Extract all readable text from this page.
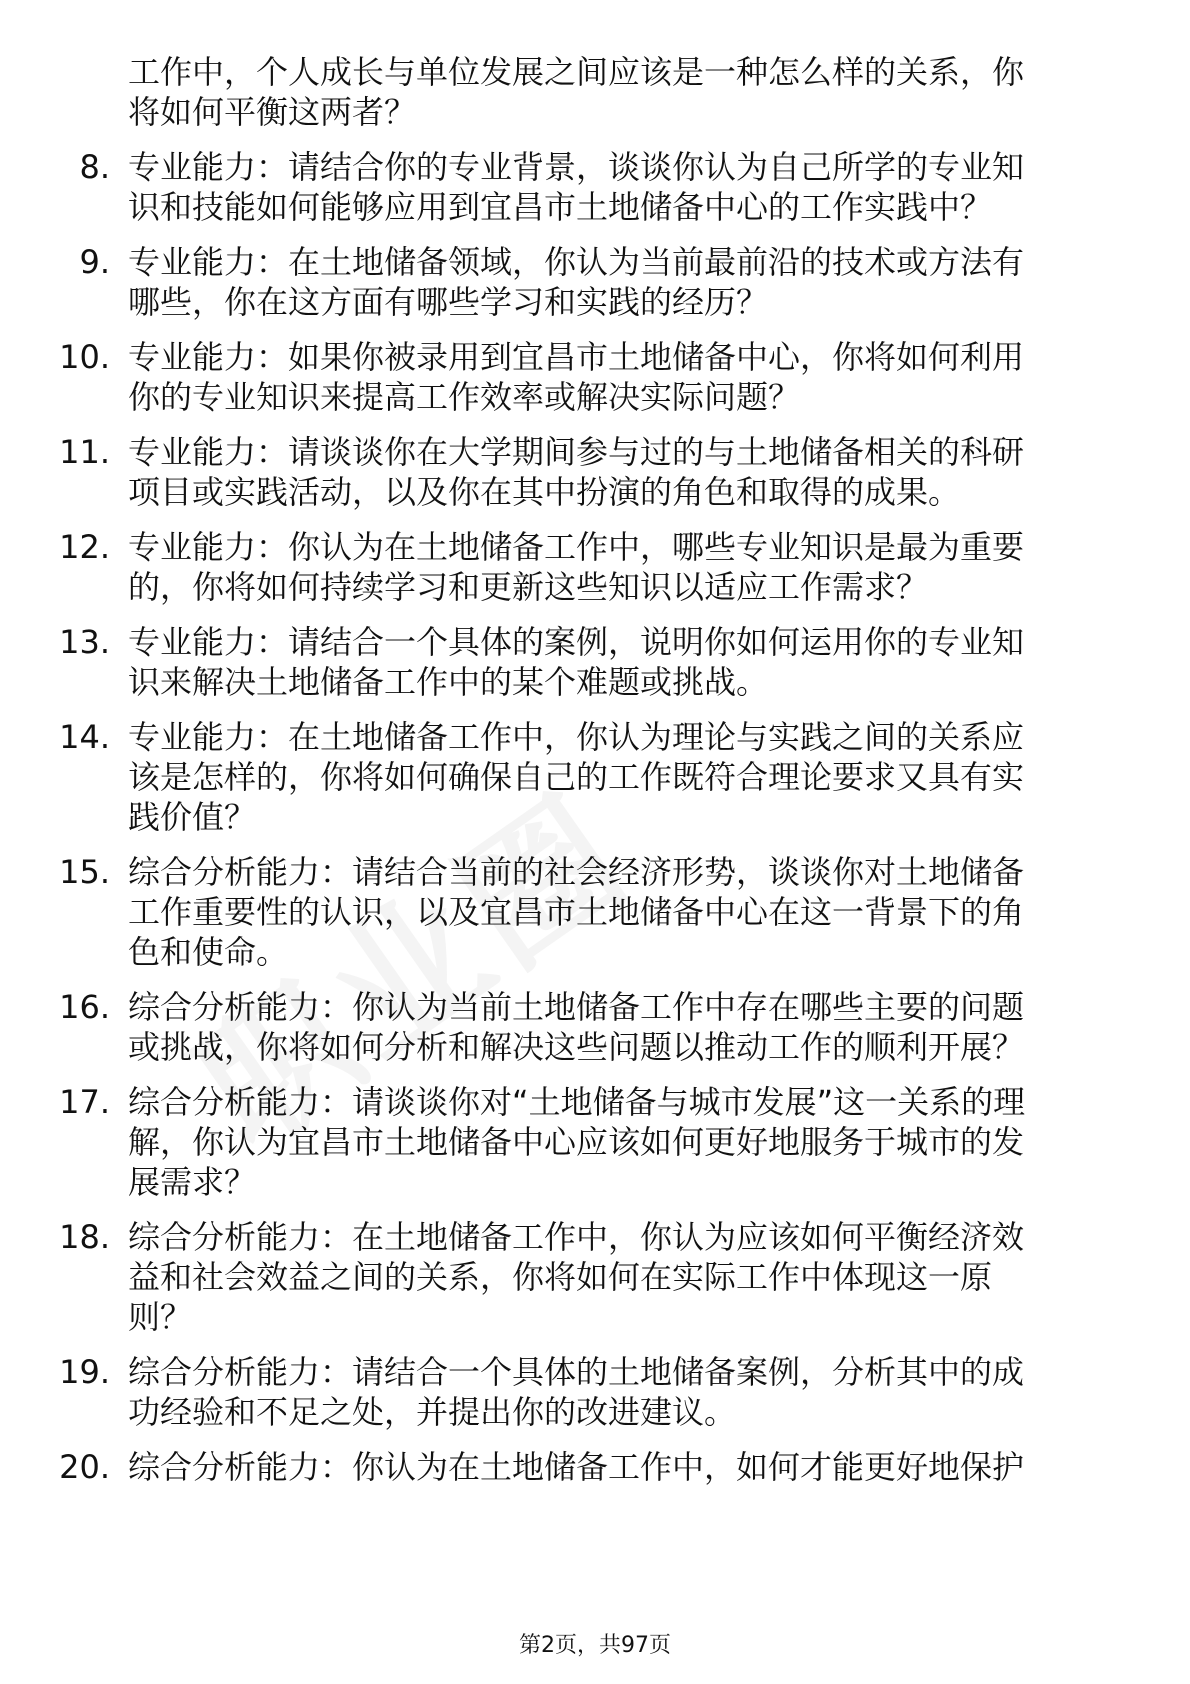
工作中，个人成长与单位发展之间应该是一种怎么样的关系，你
将如何平衡这两者？
8. 专业能力：请结合你的专业背景，谈谈你认为自己所学的专业知
识和技能如何能够应用到宜昌市土地储备中心的工作实践中？
9. 专业能力：在土地储备领域，你认为当前最前沿的技术或方法有
哪些，你在这方面有哪些学习和实践的经历？
10. 专业能力：如果你被录用到宜昌市土地储备中心，你将如何利用
你的专业知识来提高工作效率或解决实际问题？
11. 专业能力：请谈谈你在大学期间参与过的与土地储备相关的科研
项目或实践活动，以及你在其中扮演的角色和取得的成果。
12. 专业能力：你认为在土地储备工作中，哪些专业知识是最为重要
的，你将如何持续学习和更新这些知识以适应工作需求？
13. 专业能力：请结合一个具体的案例，说明你如何运用你的专业知
识来解决土地储备工作中的某个难题或挑战。
14. 专业能力：在土地储备工作中，你认为理论与实践之间的关系应
该是怎样的，你将如何确保自己的工作既符合理论要求又具有实
践价值？
15. 综合分析能力：请结合当前的社会经济形势，谈谈你对土地储备
工作重要性的认识，以及宜昌市土地储备中心在这一背景下的角
色和使命。
16. 综合分析能力：你认为当前土地储备工作中存在哪些主要的问题
或挑战，你将如何分析和解决这些问题以推动工作的顺利开展？
17. 综合分析能力：请谈谈你对“土地储备与城市发展”这一关系的理
解，你认为宜昌市土地储备中心应该如何更好地服务于城市的发
展需求？
18. 综合分析能力：在土地储备工作中，你认为应该如何平衡经济效
益和社会效益之间的关系，你将如何在实际工作中体现这一原
则？
19. 综合分析能力：请结合一个具体的土地储备案例，分析其中的成
功经验和不足之处，并提出你的改进建议。
20. 综合分析能力：你认为在土地储备工作中，如何才能更好地保护
第2页，共97页
